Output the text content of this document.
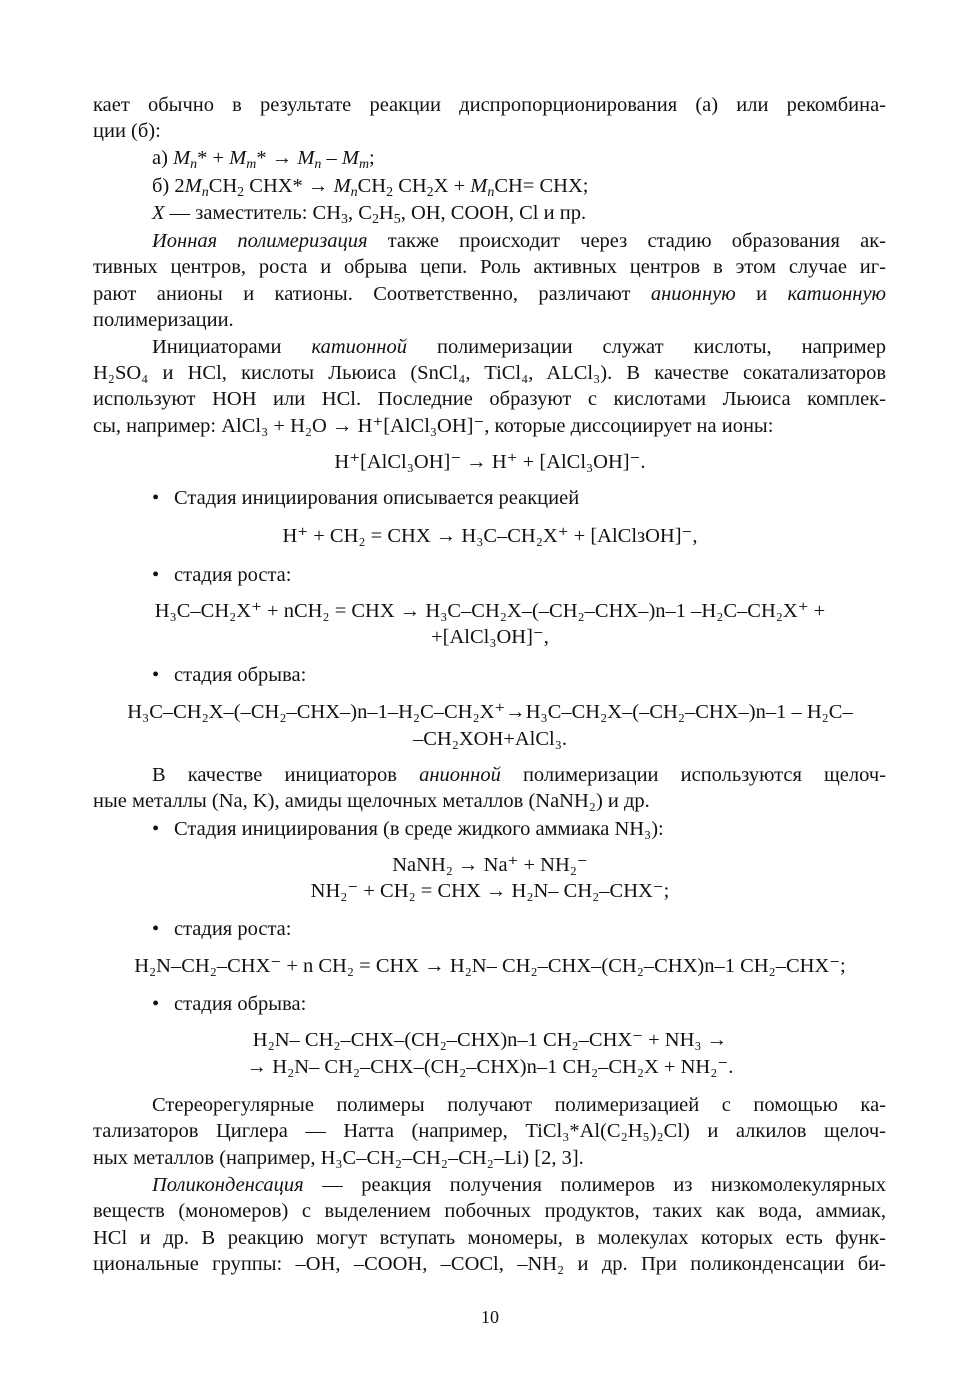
кает обычно в результате реакции диспропорционирования (а) или рекомбина-
ции (б):
а) $M_n* + M_m* \to M_n - M_m$;
б) $2M_nCH_2$ $CHX* \to M_nCH_2$ $CH_2X + M_nCH=$ CHX;
X — заместитель: $CH_3$, $C_2H_5$, OH, COOH, Cl и пр.
Ионная полимеризация также происходит через стадию образования ак-
тивных центров, роста и обрыва цепи. Роль активных центров в этом случае иг-
рают анионы и катионы. Соответственно, различают анионную и катионную
полимеризации.
Инициаторами катионной полимеризации служат кислоты, например
H₂SO₄ и HCl, кислоты Льюиса (SnCl₄, TiCl₄, ALCl₃). В качестве сокатализаторов
используют HOH или HCl. Последние образуют с кислотами Льюиса комплек-
сы, например: AlCl₃ + H₂O → H⁺[AlCl₃OH]⁻, которые диссоциирует на ионы:
H⁺[AlCl₃OH]⁻ → H⁺ + [AlCl₃OH]⁻.
• Стадия инициирования описывается реакцией
H⁺ + CH₂ = CHX → H₃C–CH₂X⁺ + [AlClзOH]⁻,
• стадия роста:
H₃C–CH₂X⁺ + nCH₂ = CHX → H₃C–CH₂X–(–CH₂–CHX–)n–1 –H₂C–CH₂X⁺ +
+[AlCl₃OH]⁻,
• стадия обрыва:
H₃C–CH₂X–(–CH₂–CHX–)n–1–H₂C–CH₂X⁺→H₃C–CH₂X–(–CH₂–CHX–)n–1 – H₂C–
–CH₂XOH+AlCl₃.
В качестве инициаторов анионной полимеризации используются щелоч-
ные металлы (Na, K), амиды щелочных металлов (NaNH₂) и др.
• Стадия инициирования (в среде жидкого аммиака NH₃):
NaNH₂ → Na⁺ + NH₂⁻
NH₂⁻ + CH₂ = CHX → H₂N– CH₂–CHX⁻;
• стадия роста:
H₂N–CH₂–CHX⁻ + n CH₂ = CHX → H₂N– CH₂–CHX–(CH₂–CHX)n–1 CH₂–CHX⁻;
• стадия обрыва:
H₂N– CH₂–CHX–(CH₂–CHX)n–1 CH₂–CHX⁻ + NH₃ →
→ H₂N– CH₂–CHX–(CH₂–CHX)n–1 CH₂–CH₂X + NH₂⁻.
Стереорегулярные полимеры получают полимеризацией с помощью ка-
тализаторов Циглера — Натта (например, TiCl₃*Al(C₂H₅)₂Cl) и алкилов щелоч-
ных металлов (например, H₃C–CH₂–CH₂–CH₂–Li) [2, 3].
Поликонденсация — реакция получения полимеров из низкомолекулярных
веществ (мономеров) с выделением побочных продуктов, таких как вода, аммиак,
HCl и др. В реакцию могут вступать мономеры, в молекулах которых есть функ-
циональные группы: –OH, –COOH, –COCl, –NH₂ и др. При поликонденсации би-
10
